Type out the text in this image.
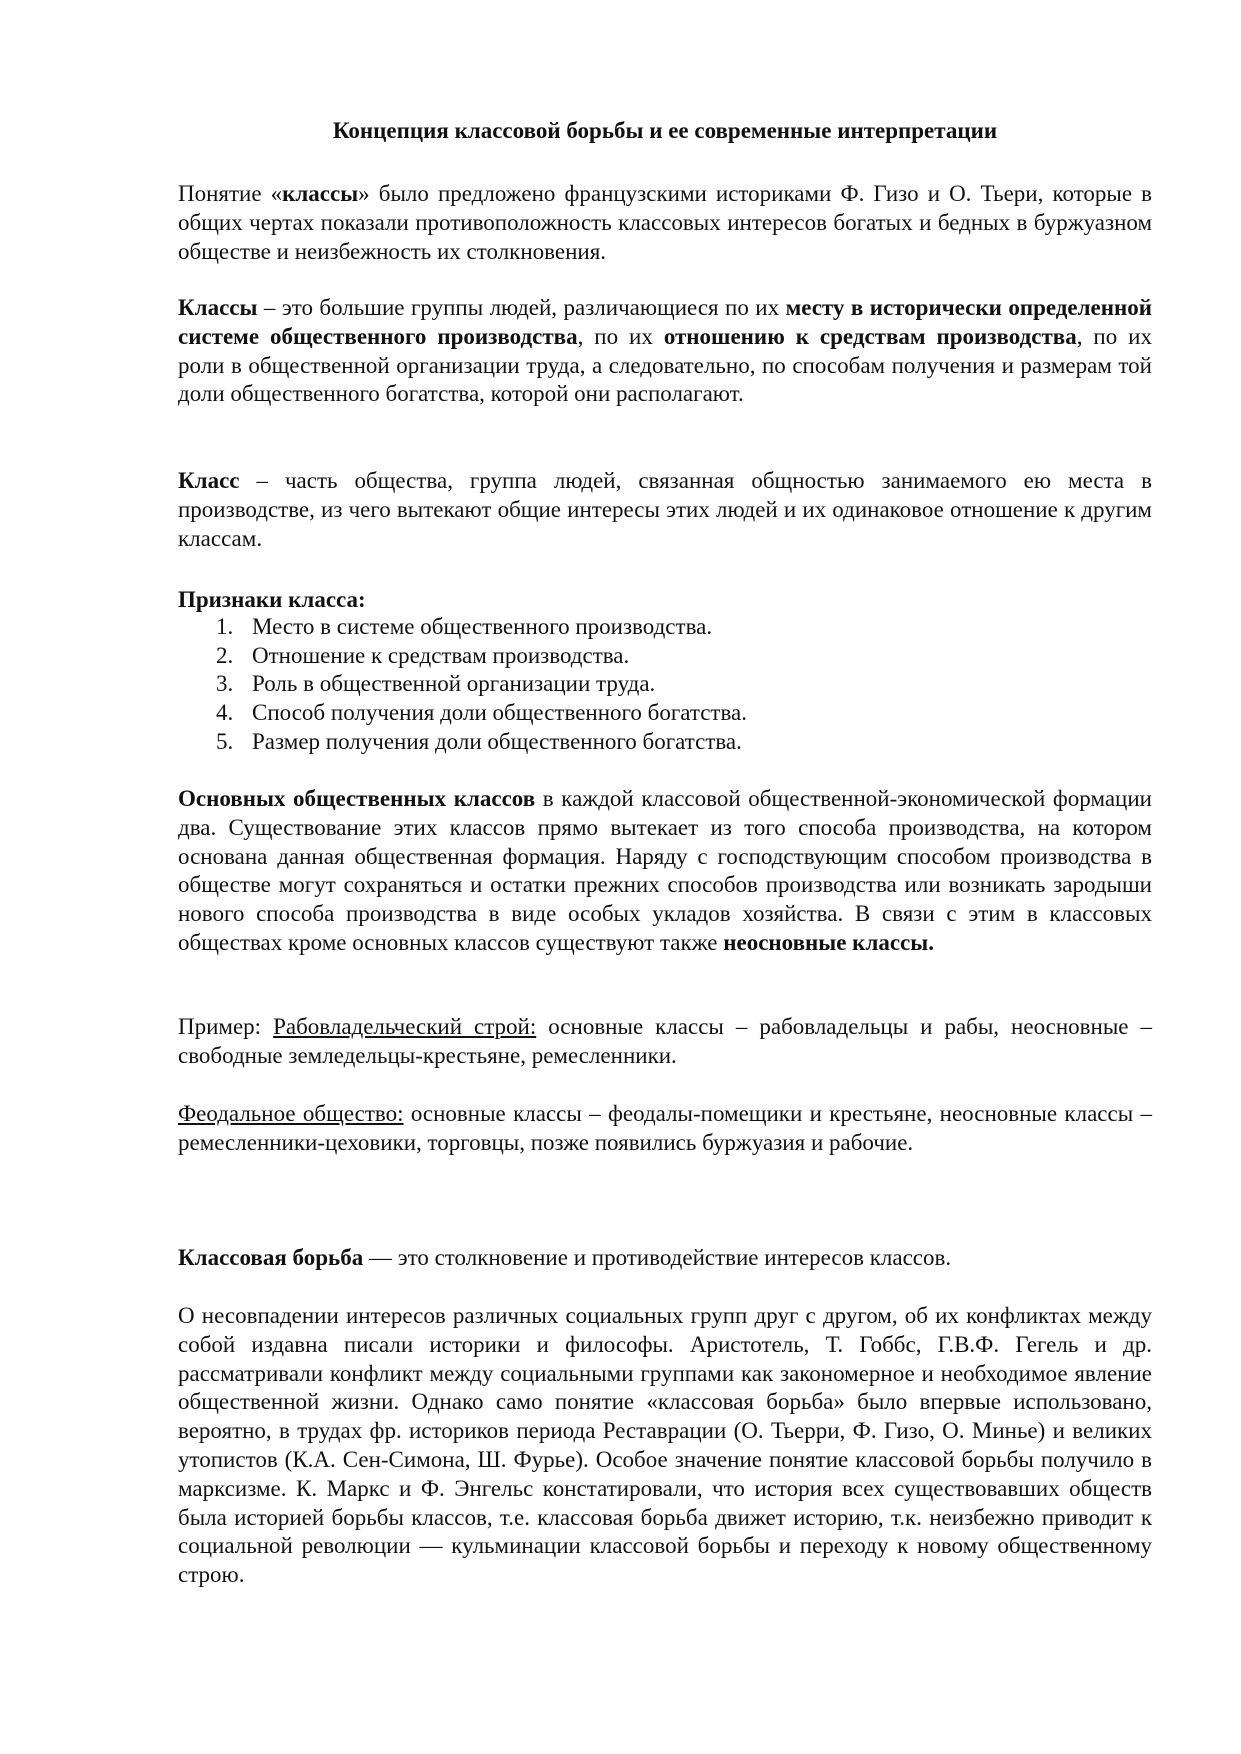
Концепция классовой борьбы и ее современные интерпретации

Понятие «классы» было предложено французскими историками Ф. Гизо и О. Тьери, которые в общих чертах показали противоположность классовых интересов богатых и бедных в буржуазном обществе и неизбежность их столкновения.

Классы – это большие группы людей, различающиеся по их месту в исторически определенной системе общественного производства, по их отношению к средствам производства, по их роли в общественной организации труда, а следовательно, по способам получения и размерам той доли общественного богатства, которой они располагают.

Класс – часть общества, группа людей, связанная общностью занимаемого ею места в производстве, из чего вытекают общие интересы этих людей и их одинаковое отношение к другим классам.

Признаки класса:
1. Место в системе общественного производства.
2. Отношение к средствам производства.
3. Роль в общественной организации труда.
4. Способ получения доли общественного богатства.
5. Размер получения доли общественного богатства.

Основных общественных классов в каждой классовой общественной-экономической формации два. Существование этих классов прямо вытекает из того способа производства, на котором основана данная общественная формация. Наряду с господствующим способом производства в обществе могут сохраняться и остатки прежних способов производства или возникать зародыши нового способа производства в виде особых укладов хозяйства. В связи с этим в классовых обществах кроме основных классов существуют также неосновные классы.

Пример: Рабовладельческий строй: основные классы – рабовладельцы и рабы, неосновные – свободные земледельцы-крестьяне, ремесленники.

Феодальное общество: основные классы – феодалы-помещики и крестьяне, неосновные классы – ремесленники-цеховики, торговцы, позже появились буржуазия и рабочие.

Классовая борьба — это столкновение и противодействие интересов классов.

О несовпадении интересов различных социальных групп друг с другом, об их конфликтах между собой издавна писали историки и философы. Аристотель, Т. Гоббс, Г.В.Ф. Гегель и др. рассматривали конфликт между социальными группами как закономерное и необходимое явление общественной жизни. Однако само понятие «классовая борьба» было впервые использовано, вероятно, в трудах фр. историков периода Реставрации (О. Тьерри, Ф. Гизо, О. Минье) и великих утопистов (К.А. Сен-Симона, Ш. Фурье). Особое значение понятие классовой борьбы получило в марксизме. К. Маркс и Ф. Энгельс констатировали, что история всех существовавших обществ была историей борьбы классов, т.е. классовая борьба движет историю, т.к. неизбежно приводит к социальной революции — кульминации классовой борьбы и переходу к новому общественному строю.
